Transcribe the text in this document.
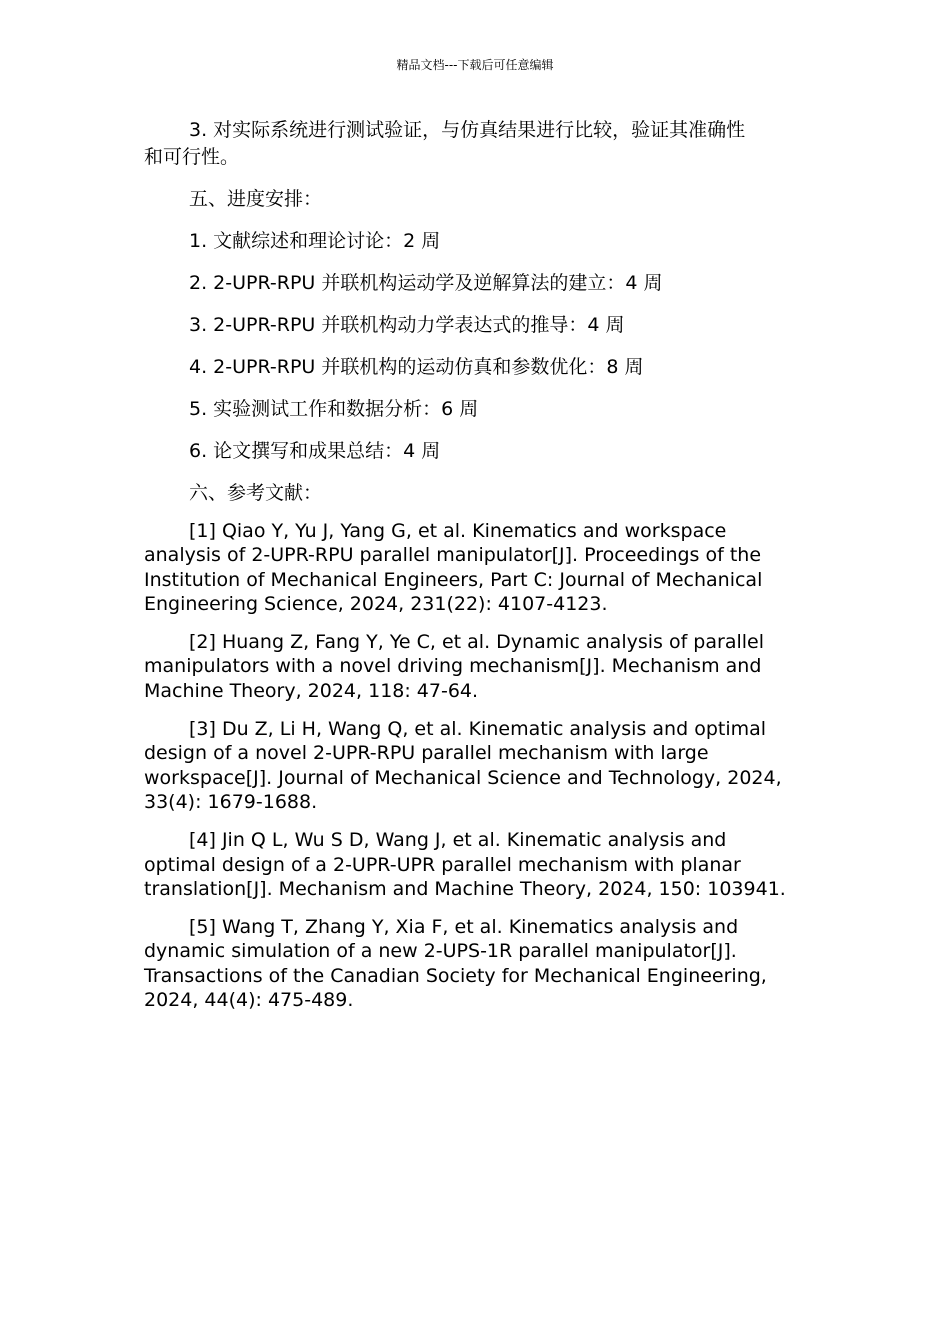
精品文档---下载后可任意编辑

3. 对实际系统进行测试验证，与仿真结果进行比较，验证其准确性

和可行性。

五、进度安排：

1. 文献综述和理论讨论：2 周

2. 2-UPR-RPU 并联机构运动学及逆解算法的建立：4 周

3. 2-UPR-RPU 并联机构动力学表达式的推导：4 周

4. 2-UPR-RPU 并联机构的运动仿真和参数优化：8 周

5. 实验测试工作和数据分析：6 周

6. 论文撰写和成果总结：4 周

六、参考文献：

[1] Qiao Y, Yu J, Yang G, et al. Kinematics and workspace analysis of 2-UPR-RPU parallel manipulator[J]. Proceedings of the Institution of Mechanical Engineers, Part C: Journal of Mechanical Engineering Science, 2024, 231(22): 4107-4123.

[2] Huang Z, Fang Y, Ye C, et al. Dynamic analysis of parallel manipulators with a novel driving mechanism[J]. Mechanism and Machine Theory, 2024, 118: 47-64.

[3] Du Z, Li H, Wang Q, et al. Kinematic analysis and optimal design of a novel 2-UPR-RPU parallel mechanism with large workspace[J]. Journal of Mechanical Science and Technology, 2024, 33(4): 1679-1688.

[4] Jin Q L, Wu S D, Wang J, et al. Kinematic analysis and optimal design of a 2-UPR-UPR parallel mechanism with planar translation[J]. Mechanism and Machine Theory, 2024, 150: 103941.

[5] Wang T, Zhang Y, Xia F, et al. Kinematics analysis and dynamic simulation of a new 2-UPS-1R parallel manipulator[J]. Transactions of the Canadian Society for Mechanical Engineering, 2024, 44(4): 475-489.
